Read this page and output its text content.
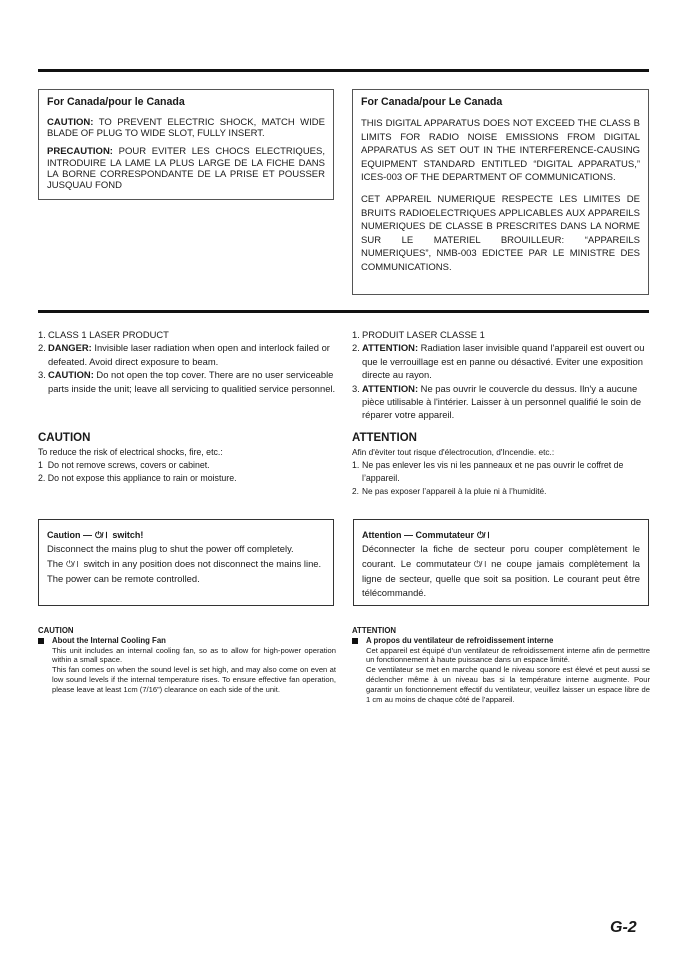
For Canada/pour le Canada
CAUTION: TO PREVENT ELECTRIC SHOCK, MATCH WIDE BLADE OF PLUG TO WIDE SLOT, FULLY INSERT.
PRECAUTION: POUR EVITER LES CHOCS ELECTRIQUES, INTRODUIRE LA LAME LA PLUS LARGE DE LA FICHE DANS LA BORNE CORRESPONDANTE DE LA PRISE ET POUSSER JUSQUAU FOND
For Canada/pour Le Canada
THIS DIGITAL APPARATUS DOES NOT EXCEED THE CLASS B LIMITS FOR RADIO NOISE EMISSIONS FROM DIGITAL APPARATUS AS SET OUT IN THE INTERFERENCE-CAUSING EQUIPMENT STANDARD ENTITLED “DIGITAL APPARATUS,” ICES-003 OF THE DEPARTMENT OF COMMUNICATIONS.
CET APPAREIL NUMERIQUE RESPECTE LES LIMITES DE BRUITS RADIOELECTRIQUES APPLICABLES AUX APPAREILS NUMERIQUES DE CLASSE B PRESCRITES DANS LA NORME SUR LE MATERIEL BROUILLEUR: “APPAREILS NUMERIQUES”, NMB-003 EDICTEE PAR LE MINISTRE DES COMMUNICATIONS.
1. CLASS 1 LASER PRODUCT
2. DANGER: Invisible laser radiation when open and interlock failed or defeated. Avoid direct exposure to beam.
3. CAUTION: Do not open the top cover. There are no user serviceable parts inside the unit; leave all servicing to qualitied service personnel.
1. PRODUIT LASER CLASSE 1
2. ATTENTION: Radiation laser invisible quand l'appareil est ouvert ou que le verrouillage est en panne ou désactivé. Eviter une exposition directe au rayon.
3. ATTENTION: Ne pas ouvrir le couvercle du dessus. Iln'y a aucune pièce utilisable à l'intérier. Laisser à un personnel qualifié le soin de réparer votre appareil.
CAUTION
To reduce the risk of electrical shocks, fire, etc.:
1 Do not remove screws, covers or cabinet.
2. Do not expose this appliance to rain or moisture.
ATTENTION
Afin d'èviter tout risque d'électrocution, d'Incendie. etc.:
1. Ne pas enlever les vis ni les panneaux et ne pas ouvrir le coffret de l’appareil.
2. Ne pas exposer l’appareil à la pluie ni à l’humidité.
Caution — ⏻/⏽ switch!
Disconnect the mains plug to shut the power off completely.
The ⏻/⏽ switch in any position does not disconnect the mains line. The power can be remote controlled.
Attention — Commutateur ⏻/⏽
Déconnecter la fiche de secteur poru couper complètement le courant. Le commutateur ⏻/⏽ ne coupe jamais complètement la ligne de secteur, quelle que soit sa position. Le courant peut être télécommandé.
CAUTION
About the Internal Cooling Fan
This unit includes an internal cooling fan, so as to allow for high-power operation within a small space.
This fan comes on when the sound level is set high, and may also come on even at low sound levels if the internal temperature rises. To ensure effective fan operation, please leave at least 1cm (7/16”) clearance on each side of the unit.
ATTENTION
A propos du ventilateur de refroidissement interne
Cet appareil est équipé d’un ventilateur de refroidissement interne afin de permettre un fonctionnement à haute puissance dans un espace limité.
Ce ventilateur se met en marche quand le niveau sonore est élevé et peut aussi se déclencher même à un niveau bas si la température interne augmente. Pour garantir un fonctionnement effectif du ventilateur, veuillez laisser un espace libre de 1 cm au moins de chaque côté de l’appareil.
G-2
